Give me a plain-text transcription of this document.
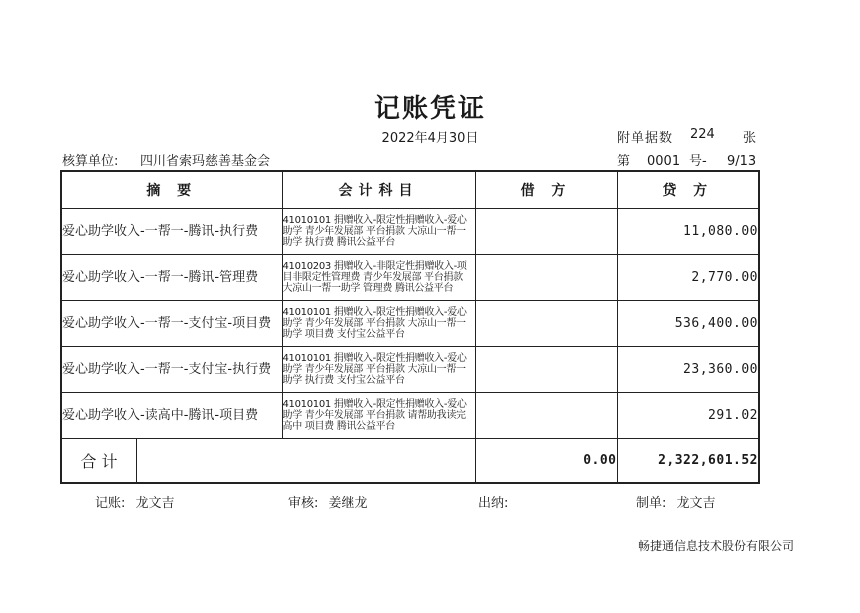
记账凭证
2022年4月30日	附单据数 224 张
核算单位: 四川省索玛慈善基金会	第 0001 号- 9/13
摘 要	会计科目	借 方	贷 方
爱心助学收入-一帮一-腾讯-执行费	41010101 捐赠收入-限定性捐赠收入-爱心助学 青少年发展部 平台捐款 大凉山一帮一助学 执行费 腾讯公益平台		11,080.00
爱心助学收入-一帮一-腾讯-管理费	41010203 捐赠收入-非限定性捐赠收入-项目非限定性管理费 青少年发展部 平台捐款 大凉山一帮一助学 管理费 腾讯公益平台		2,770.00
爱心助学收入-一帮一-支付宝-项目费	41010101 捐赠收入-限定性捐赠收入-爱心助学 青少年发展部 平台捐款 大凉山一帮一助学 项目费 支付宝公益平台		536,400.00
爱心助学收入-一帮一-支付宝-执行费	41010101 捐赠收入-限定性捐赠收入-爱心助学 青少年发展部 平台捐款 大凉山一帮一助学 执行费 支付宝公益平台		23,360.00
爱心助学收入-读高中-腾讯-项目费	41010101 捐赠收入-限定性捐赠收入-爱心助学 青少年发展部 平台捐款 请帮助我读完高中 项目费 腾讯公益平台		291.02

合 计		0.00	2,322,601.52
记账: 龙文吉	审核: 姜继龙	出纳:	制单: 龙文吉
畅捷通信息技术股份有限公司
